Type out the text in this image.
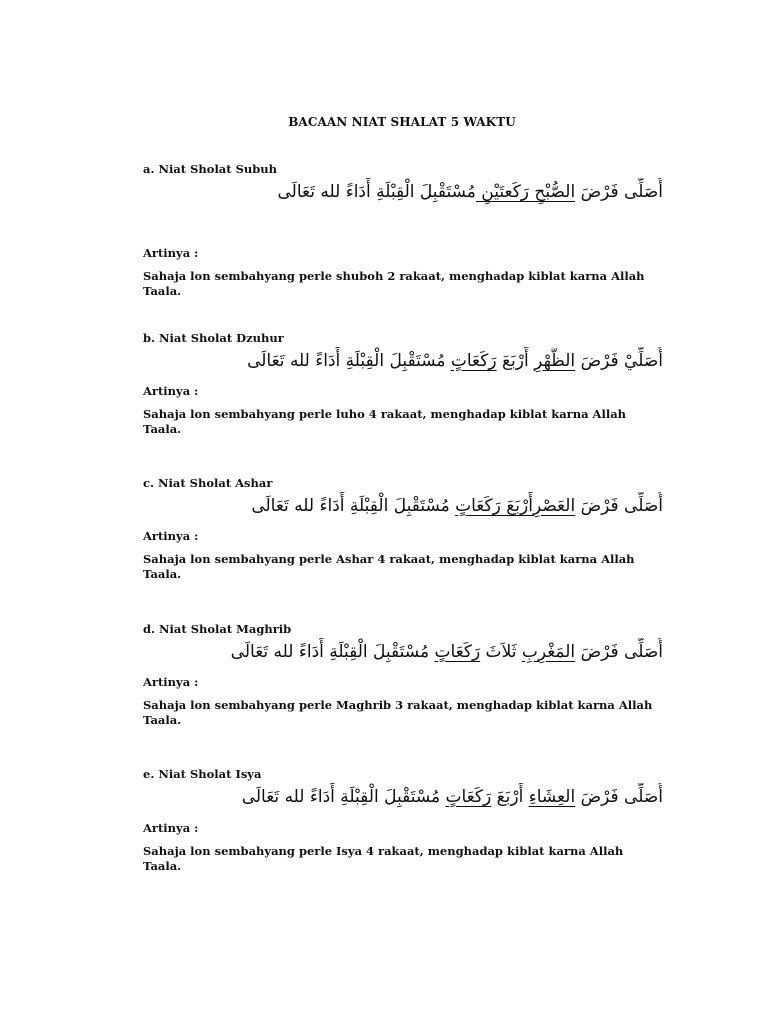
BACAAN NIAT SHALAT 5 WAKTU
a. Niat Sholat Subuh
أُصَلِّى فَرْضَ الصُّبْحِ رَكَعتَيْنِ مُسْتَقْبِلَ الْقِبْلَةِ أَدَاءً لله تَعَالَى
Artinya :
Sahaja lon sembahyang perle shuboh 2 rakaat, menghadap kiblat karna Allah
Taala.
b. Niat Sholat Dzuhur
أُصَلِّيْ فَرْضَ الظُّهْرِ أَرْبَعَ رَكَعَاتٍ مُسْتَقْبِلَ الْقِبْلَةِ أَدَاءً لله تَعَالَى
Artinya :
Sahaja lon sembahyang perle luho 4 rakaat, menghadap kiblat karna Allah
Taala.
c. Niat Sholat Ashar
أُصَلِّى فَرْضَ العَصْرِأَرْبَعَ رَكَعَاتٍ مُسْتَقْبِلَ الْقِبْلَةِ أَدَاءً لله تَعَالَى
Artinya :
Sahaja lon sembahyang perle Ashar 4 rakaat, menghadap kiblat karna Allah
Taala.
d. Niat Sholat Maghrib
أُصَلِّى فَرْضَ المَغْرِبِ ثَلاَثَ رَكَعَاتٍ مُسْتَقْبِلَ الْقِبْلَةِ أَدَاءً لله تَعَالَى
Artinya :
Sahaja lon sembahyang perle Maghrib 3 rakaat, menghadap kiblat karna Allah
Taala.
e. Niat Sholat Isya
أُصَلِّى فَرْضَ العِشَاءِ أَرْبَعَ رَكَعَاتٍ مُسْتَقْبِلَ الْقِبْلَةِ أَدَاءً لله تَعَالَى
Artinya :
Sahaja lon sembahyang perle Isya 4 rakaat, menghadap kiblat karna Allah
Taala.
